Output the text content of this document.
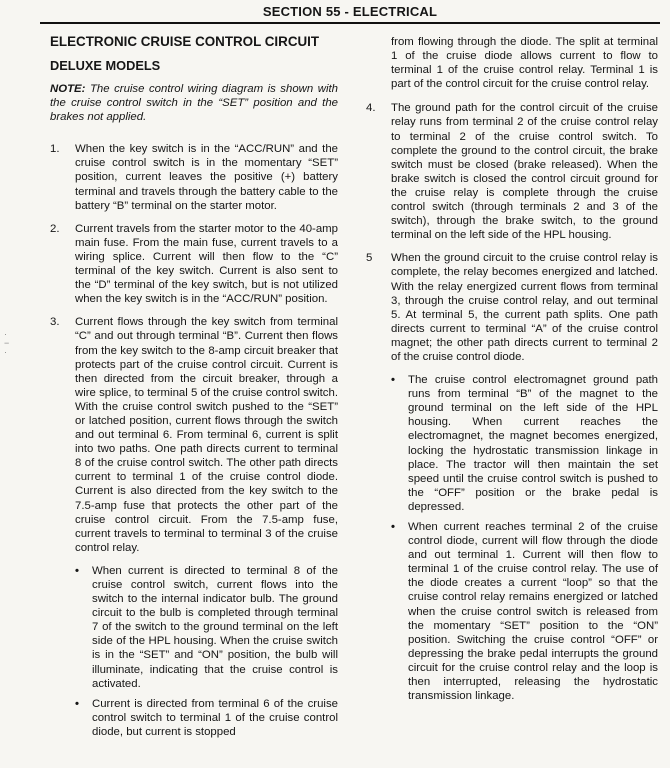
SECTION 55 - ELECTRICAL
·
−
·
ELECTRONIC CRUISE CONTROL CIRCUIT
DELUXE MODELS
NOTE: The cruise control wiring diagram is shown with the cruise control switch in the “SET” position and the brakes not applied.
1. When the key switch is in the “ACC/RUN” and the cruise control switch is in the momentary “SET” position, current leaves the positive (+) battery terminal and travels through the battery cable to the battery “B” terminal on the starter motor.
2. Current travels from the starter motor to the 40-amp main fuse. From the main fuse, current travels to a wiring splice. Current will then flow to the “C” terminal of the key switch. Current is also sent to the “D” terminal of the key switch, but is not utilized when the key switch is in the “ACC/RUN” position.
3. Current flows through the key switch from terminal “C” and out through terminal “B”. Current then flows from the key switch to the 8-amp circuit breaker that protects part of the cruise control circuit. Current is then directed from the circuit breaker, through a wire splice, to terminal 5 of the cruise control switch. With the cruise control switch pushed to the “SET” or latched position, current flows through the switch and out terminal 6. From terminal 6, current is split into two paths. One path directs current to terminal 8 of the cruise control switch. The other path directs current to terminal 1 of the cruise control diode. Current is also directed from the key switch to the 7.5-amp fuse that protects the other part of the cruise control circuit. From the 7.5-amp fuse, current travels to terminal to terminal 3 of the cruise control relay.
• When current is directed to terminal 8 of the cruise control switch, current flows into the switch to the internal indicator bulb. The ground circuit to the bulb is completed through terminal 7 of the switch to the ground terminal on the left side of the HPL housing. When the cruise switch is in the “SET” and “ON” position, the bulb will illuminate, indicating that the cruise control is activated.
• Current is directed from terminal 6 of the cruise control switch to terminal 1 of the cruise control diode, but current is stopped
from flowing through the diode. The split at terminal 1 of the cruise diode allows current to flow to terminal 1 of the cruise control relay. Terminal 1 is part of the control circuit for the cruise control relay.
4. The ground path for the control circuit of the cruise relay runs from terminal 2 of the cruise control relay to terminal 2 of the cruise control switch. To complete the ground to the control circuit, the brake switch must be closed (brake released). When the brake switch is closed the control circuit ground for the cruise relay is complete through the cruise control switch (through terminals 2 and 3 of the switch), through the brake switch, to the ground terminal on the left side of the HPL housing.
5 When the ground circuit to the cruise control relay is complete, the relay becomes energized and latched. With the relay energized current flows from terminal 3, through the cruise control relay, and out terminal 5. At terminal 5, the current path splits. One path directs current to terminal “A” of the cruise control magnet; the other path directs current to terminal 2 of the cruise control diode.
• The cruise control electromagnet ground path runs from terminal “B” of the magnet to the ground terminal on the left side of the HPL housing. When current reaches the electromagnet, the magnet becomes energized, locking the hydrostatic transmission linkage in place. The tractor will then maintain the set speed until the cruise control switch is pushed to the “OFF” position or the brake pedal is depressed.
• When current reaches terminal 2 of the cruise control diode, current will flow through the diode and out terminal 1. Current will then flow to terminal 1 of the cruise control relay. The use of the diode creates a current “loop” so that the cruise control relay remains energized or latched when the cruise control switch is released from the momentary “SET” position to the “ON” position. Switching the cruise control “OFF” or depressing the brake pedal interrupts the ground circuit for the cruise control relay and the loop is then interrupted, releasing the hydrostatic transmission linkage.
